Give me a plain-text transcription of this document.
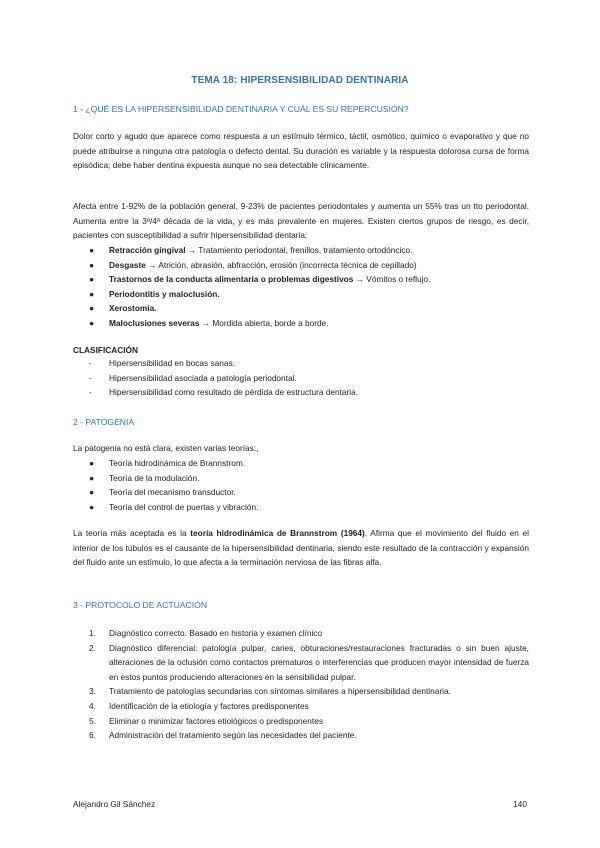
TEMA 18: HIPERSENSIBILIDAD DENTINARIA
1 - ¿QUÉ ES LA HIPERSENSIBILIDAD DENTINARIA Y CUÁL ES SU REPERCUSIÓN?

Dolor corto y agudo que aparece como respuesta a un estímulo térmico, táctil, osmótico, químico o evaporativo y que no puede atribuirse a ninguna otra patología o defecto dental. Su duración es variable y la respuesta dolorosa cursa de forma episódica; debe haber dentina expuesta aunque no sea detectable clínicamente.

Afecta entre 1-92% de la población general, 9-23% de pacientes periodontales y aumenta un 55% tras un tto periodontal. Aumenta entre la 3ª/4ª década de la vida, y es más prevalente en mujeres. Existen ciertos grupos de riesgo, es decir, pacientes con susceptibilidad a sufrir hipersensibilidad dentaria:

●	Retracción gingival → Tratamiento periodontal, frenillos, tratamiento ortodóncico.
●	Desgaste → Atrición, abrasión, abfracción, erosión (incorrecta técnica de cepillado)
●	Trastornos de la conducta alimentaria o problemas digestivos → Vómitos o reflujo.
●	Periodontitis y maloclusión.
●	Xerostomía.
●	Maloclusiones severas → Mordida abierta, borde a borde.
CLASIFICACIÓN
-	Hipersensibilidad en bocas sanas.
-	Hipersensibilidad asociada a patología periodontal.
-	Hipersensibilidad como resultado de pérdida de estructura dentaria.
2 - PATOGENIA

La patogenia no está clara, existen varias teorías:,

●	Teoría hidrodinámica de Brannstrom.
●	Teoría de la modulación.
●	Teoría del mecanismo transductor.
●	Teoría del control de puertas y vibración.

La teoría más aceptada es la teoría hidrodinámica de Brannstrom (1964). Afirma que el movimiento del fluido en el interior de los túbulos es el causante de la hipersensibilidad dentinaria, siendo este resultado de la contracción y expansión del fluido ante un estímulo, lo que afecta a la terminación nerviosa de las fibras alfa.

3 - PROTOCOLO DE ACTUACIÓN
1. Diagnóstico correcto. Basado en historia y examen clínico
2. Diagnóstico diferencial: patología pulpar, caries, obturaciones/restauraciones fracturadas o sin buen ajuste, alteraciones de la oclusión como contactos prematuros o interferencias que producen mayor intensidad de fuerza en estos puntos produciendo alteraciones en la sensibilidad pulpar.
3. Tratamiento de patologías secundarias con síntomas similares a hipersensibilidad dentinaria.
4. Identificación de la etiología y factores predisponentes
5. Eliminar o minimizar factores etiológicos o predisponentes
6. Administración del tratamiento según las necesidades del paciente.
Alejandro Gil Sánchez	140
